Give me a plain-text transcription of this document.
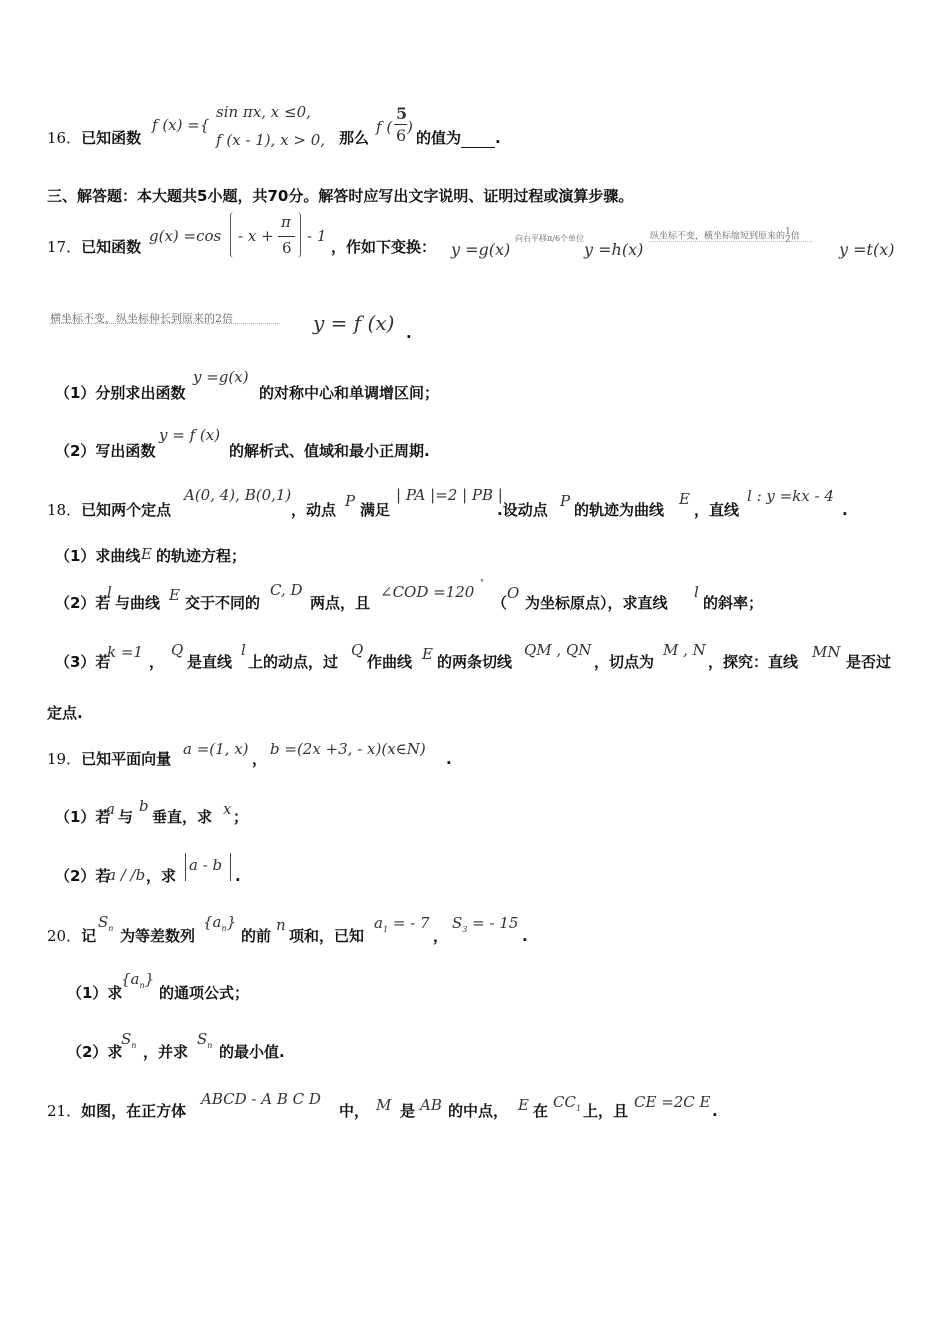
16．已知函数
f (x) ={
sin πx, x ≤0,
f (x - 1), x > 0, 那么
f (
5
6 )
的值为 .
三、解答题：本大题共5小题，共70分。解答时应写出文字说明、证明过程或演算步骤。
17．已知函数
g(x) =cos - x +
π
6
- 1
，作如下变换： y =g(x)
向右平移π/6个单位
y =h(x)
纵坐标不变，横坐标缩短到原来的1
2倍
y =t(x)
横坐标不变，纵坐标伸长到原来的2倍	y = f (x) .
（1）分别求出函数
y =g(x)
的对称中心和单调增区间；
（2）写出函数
y = f (x)
的解析式、值域和最小正周期.
18．已知两个定点
A(0, 4), B(0,1)
，动点 P 满足
| PA |=2 | PB |
.设动点 P 的轨迹为曲线
E
，直线
l : y =kx - 4
.
（1）求曲线 E 的轨迹方程；
（2）若
l
与曲线 E 交于不同的
C, D
两点，且
∠COD =120
°
（
O
为坐标原点），求直线
l
的斜率；
（3）若
k =1
，
Q
是直线
l
上的动点，过
Q
作曲线 E 的两条切线
QM , QN
，切点为
M , N
，探究：直线
MN
是否过
定点.
19．已知平面向量
a =(1, x)
，
b =(2x +3, - x)(x∈N)
.
（1）若
a 与
b
垂直，求 x ；
（2）若
a / /b ，求
a - b
.
20．记
$S_n$ 为等差数列
$\{a_n\}$
的前
n
项和，已知
$a_1$ = - 7
，
$S_3$ = - 15
.
（1）求
$\{a_n\}$
的通项公式；
（2）求
$S_n$ ，并求
$S_n$ 的最小值.
21．如图，在正方体
ABCD - A B C D
中， M 是 AB 的中点， E 在 $CC_1$ 上，且 CE =2C E .
